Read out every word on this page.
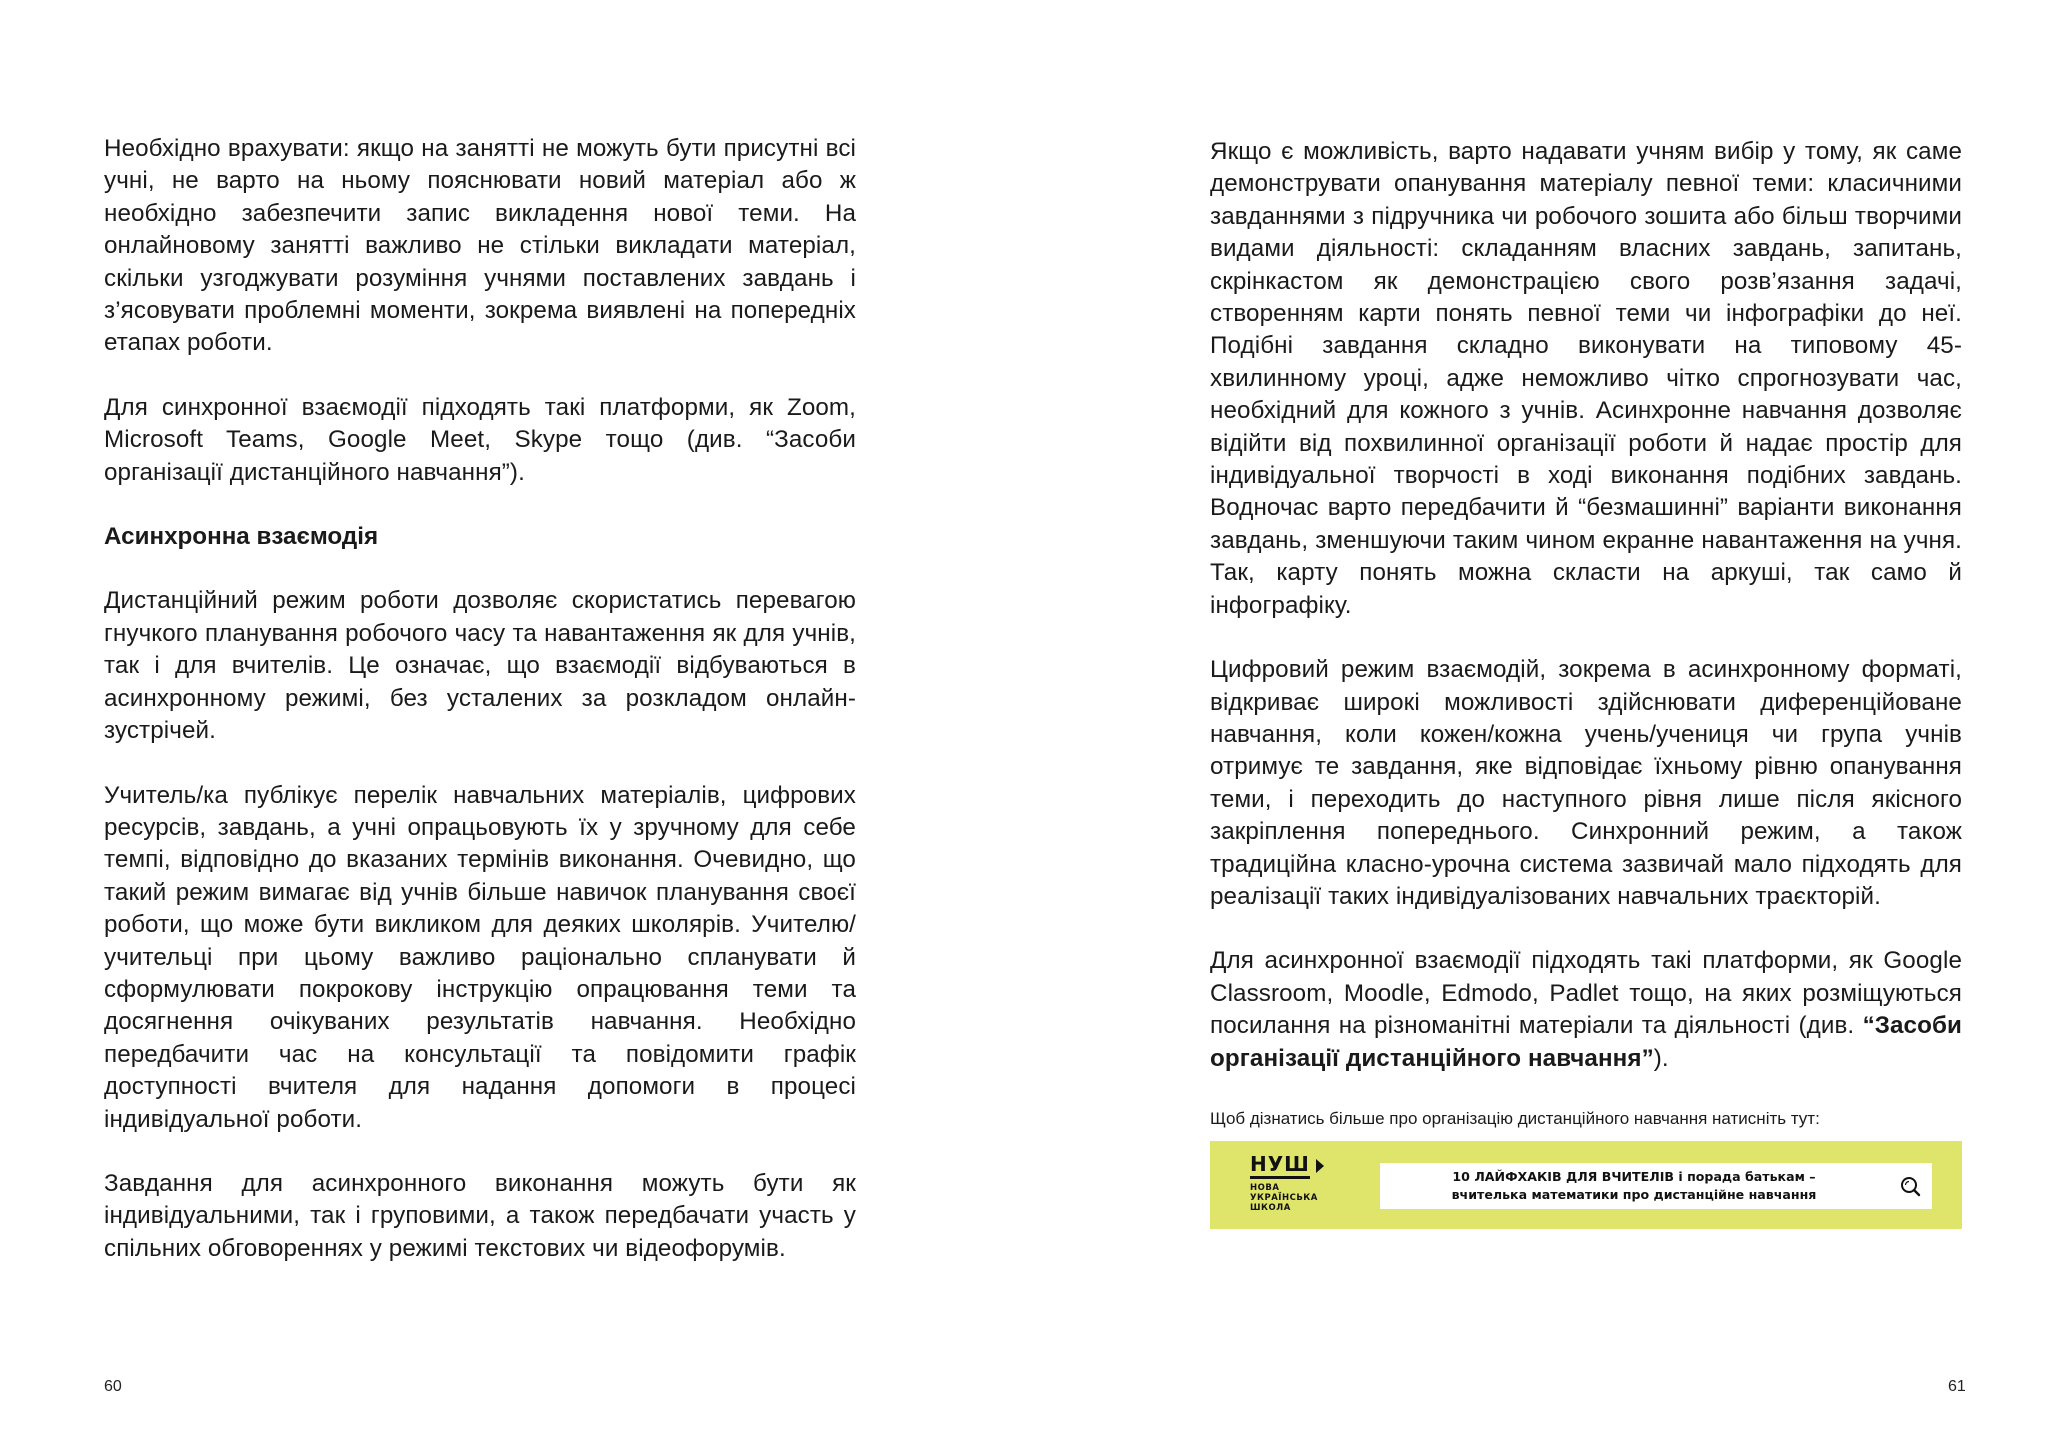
Необхідно врахувати: якщо на занятті не можуть бути присутні всі учні, не варто на ньому пояснювати новий матеріал або ж необхідно забезпечити запис викладення нової теми. На онлайновому занятті важливо не стільки викладати матеріал, скільки узгоджувати розуміння учнями поставлених завдань і з’ясовувати проблемні моменти, зокрема виявлені на попередніх етапах роботи.

Для синхронної взаємодії підходять такі платформи, як Zoom, Microsoft Teams, Google Meet, Skype тощо (див. “Засоби організації дистанційного навчання”).

Асинхронна взаємодія

Дистанційний режим роботи дозволяє скористатись перевагою гнучкого планування робочого часу та навантаження як для учнів, так і для вчителів. Це означає, що взаємодії відбуваються в асинхронному режимі, без усталених за розкладом онлайн-зустрічей.

Учитель/ка публікує перелік навчальних матеріалів, цифрових ресурсів, завдань, а учні опрацьовують їх у зручному для себе темпі, відповідно до вказаних термінів виконання. Очевидно, що такий режим вимагає від учнів більше навичок планування своєї роботи, що може бути викликом для деяких школярів. Учителю/учительці при цьому важливо раціонально спланувати й сформулювати покрокову інструкцію опрацювання теми та досягнення очікуваних результатів навчання. Необхідно передбачити час на консультації та повідомити графік доступності вчителя для надання допомоги в процесі індивідуальної роботи.

Завдання для асинхронного виконання можуть бути як індивідуальними, так і груповими, а також передбачати участь у спільних обговореннях у режимі текстових чи відеофорумів.

60

Якщо є можливість, варто надавати учням вибір у тому, як саме демонструвати опанування матеріалу певної теми: класичними завданнями з підручника чи робочого зошита або більш творчими видами діяльності: складанням власних завдань, запитань, скрінкастом як демонстрацією свого розв’язання задачі, створенням карти понять певної теми чи інфографіки до неї. Подібні завдання складно виконувати на типовому 45-хвилинному уроці, адже неможливо чітко спрогнозувати час, необхідний для кожного з учнів. Асинхронне навчання дозволяє відійти від похвилинної організації роботи й надає простір для індивідуальної творчості в ході виконання подібних завдань. Водночас варто передбачити й “безмашинні” варіанти виконання завдань, зменшуючи таким чином екранне навантаження на учня. Так, карту понять можна скласти на аркуші, так само й інфографіку.

Цифровий режим взаємодій, зокрема в асинхронному форматі, відкриває широкі можливості здійснювати диференційоване навчання, коли кожен/кожна учень/учениця чи група учнів отримує те завдання, яке відповідає їхньому рівню опанування теми, і переходить до наступного рівня лише після якісного закріплення попереднього. Синхронний режим, а також традиційна класно-урочна система зазвичай мало підходять для реалізації таких індивідуалізованих навчальних траєкторій.

Для асинхронної взаємодії підходять такі платформи, як Google Classroom, Moodle, Edmodo, Padlet тощо, на яких розміщуються посилання на різноманітні матеріали та діяльності (див. “Засоби організації дистанційного навчання”).

Щоб дізнатись більше про організацію дистанційного навчання натисніть тут:

НУШ
НОВА
УКРАЇНСЬКА
ШКОЛА
10 ЛАЙФХАКІВ ДЛЯ ВЧИТЕЛІВ і порада батькам –
вчителька математики про дистанційне навчання
61
